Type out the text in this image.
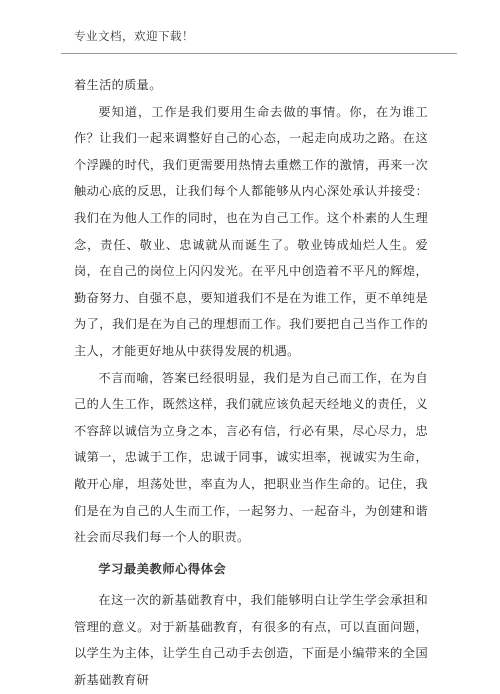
专业文档，欢迎下载！

着生活的质量。

要知道，工作是我们要用生命去做的事情。你，在为谁工作？让我们一起来调整好自己的心态，一起走向成功之路。在这个浮躁的时代，我们更需要用热情去重燃工作的激情，再来一次触动心底的反思，让我们每个人都能够从内心深处承认并接受：我们在为他人工作的同时，也在为自己工作。这个朴素的人生理念，责任、敬业、忠诚就从而诞生了。敬业铸成灿烂人生。爱岗，在自己的岗位上闪闪发光。在平凡中创造着不平凡的辉煌，勤奋努力、自强不息，要知道我们不是在为谁工作，更不单纯是为了，我们是在为自己的理想而工作。我们要把自己当作工作的主人，才能更好地从中获得发展的机遇。

不言而喻，答案已经很明显，我们是为自己而工作，在为自己的人生工作，既然这样，我们就应该负起天经地义的责任，义不容辞以诚信为立身之本，言必有信，行必有果，尽心尽力，忠诚第一，忠诚于工作，忠诚于同事，诚实坦率，视诚实为生命，敞开心扉，坦荡处世，率直为人，把职业当作生命的。记住，我们是在为自己的人生而工作，一起努力、一起奋斗，为创建和谐社会而尽我们每一个人的职责。

学习最美教师心得体会

在这一次的新基础教育中，我们能够明白让学生学会承担和管理的意义。对于新基础教育，有很多的有点，可以直面问题，以学生为主体，让学生自己动手去创造，下面是小编带来的全国新基础教育研
